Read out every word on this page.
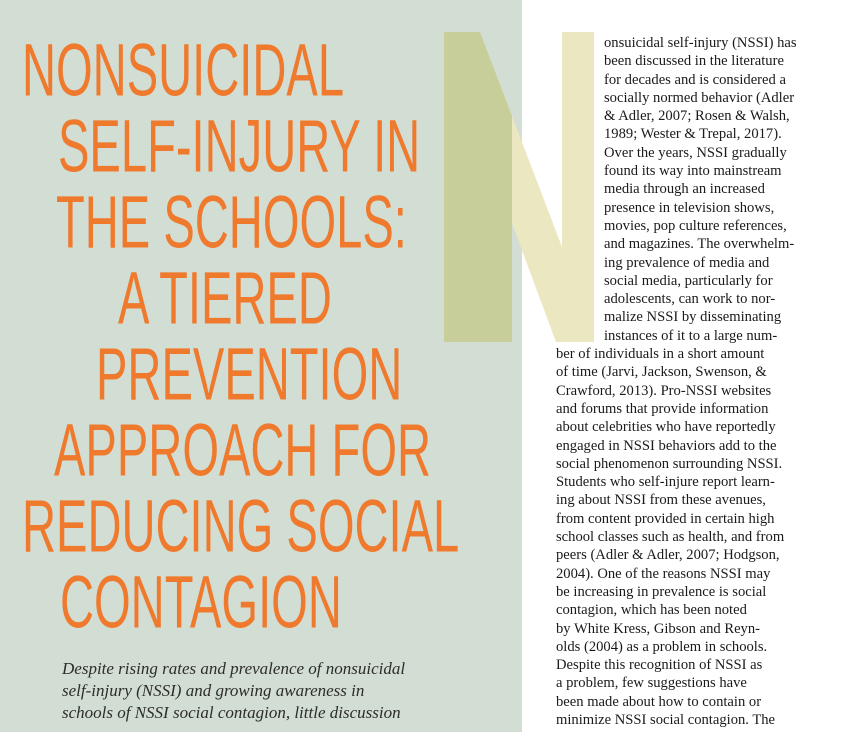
NONSUICIDAL
SELF-INJURY IN
THE SCHOOLS:
A TIERED
PREVENTION
APPROACH FOR
REDUCING SOCIAL
CONTAGION
Despite rising rates and prevalence of nonsuicidal
self-injury (NSSI) and growing awareness in
schools of NSSI social contagion, little discussion
onsuicidal self-injury (NSSI) has
been discussed in the literature
for decades and is considered a
socially normed behavior (Adler
& Adler, 2007; Rosen & Walsh,
1989; Wester & Trepal, 2017).
Over the years, NSSI gradually
found its way into mainstream
media through an increased
presence in television shows,
movies, pop culture references,
and magazines. The overwhelm-
ing prevalence of media and
social media, particularly for
adolescents, can work to nor-
malize NSSI by disseminating
instances of it to a large num-
ber of individuals in a short amount
of time (Jarvi, Jackson, Swenson, &
Crawford, 2013). Pro-NSSI websites
and forums that provide information
about celebrities who have reportedly
engaged in NSSI behaviors add to the
social phenomenon surrounding NSSI.
Students who self-injure report learn-
ing about NSSI from these avenues,
from content provided in certain high
school classes such as health, and from
peers (Adler & Adler, 2007; Hodgson,
2004). One of the reasons NSSI may
be increasing in prevalence is social
contagion, which has been noted
by White Kress, Gibson and Reyn-
olds (2004) as a problem in schools.
Despite this recognition of NSSI as
a problem, few suggestions have
been made about how to contain or
minimize NSSI social contagion. The
